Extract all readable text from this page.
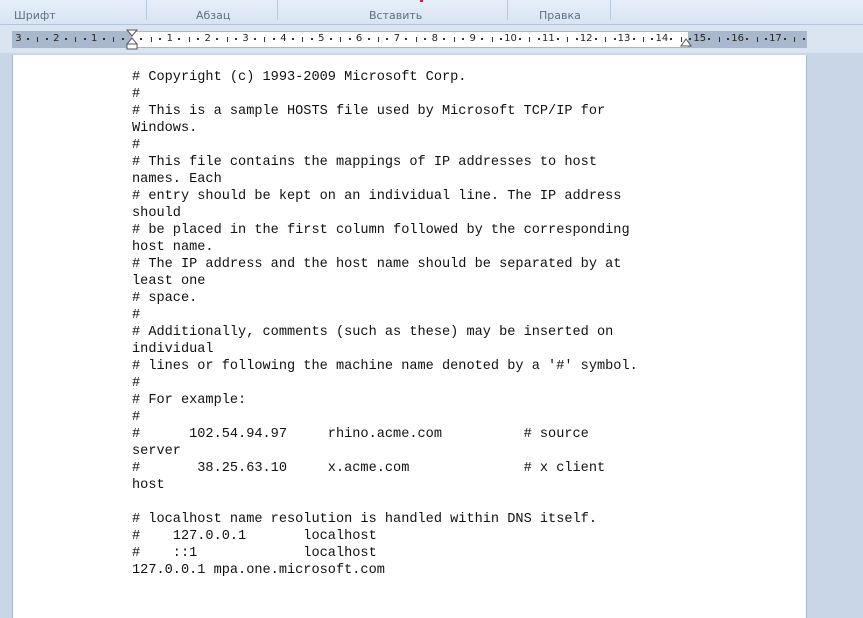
Шрифт	Абзац	Вставить	Правка
3	2	1	1	2	3	4	5	6	7	8	9	10	11	12	13	14	15	16	17
# Copyright (c) 1993-2009 Microsoft Corp.
#
# This is a sample HOSTS file used by Microsoft TCP/IP for
Windows.
#
# This file contains the mappings of IP addresses to host
names. Each
# entry should be kept on an individual line. The IP address
should
# be placed in the first column followed by the corresponding
host name.
# The IP address and the host name should be separated by at
least one
# space.
#
# Additionally, comments (such as these) may be inserted on
individual
# lines or following the machine name denoted by a '#' symbol.
#
# For example:
#
#      102.54.94.97     rhino.acme.com          # source
server
#       38.25.63.10     x.acme.com              # x client
host
# localhost name resolution is handled within DNS itself.
#    127.0.0.1       localhost
#    ::1             localhost
127.0.0.1 mpa.one.microsoft.com
